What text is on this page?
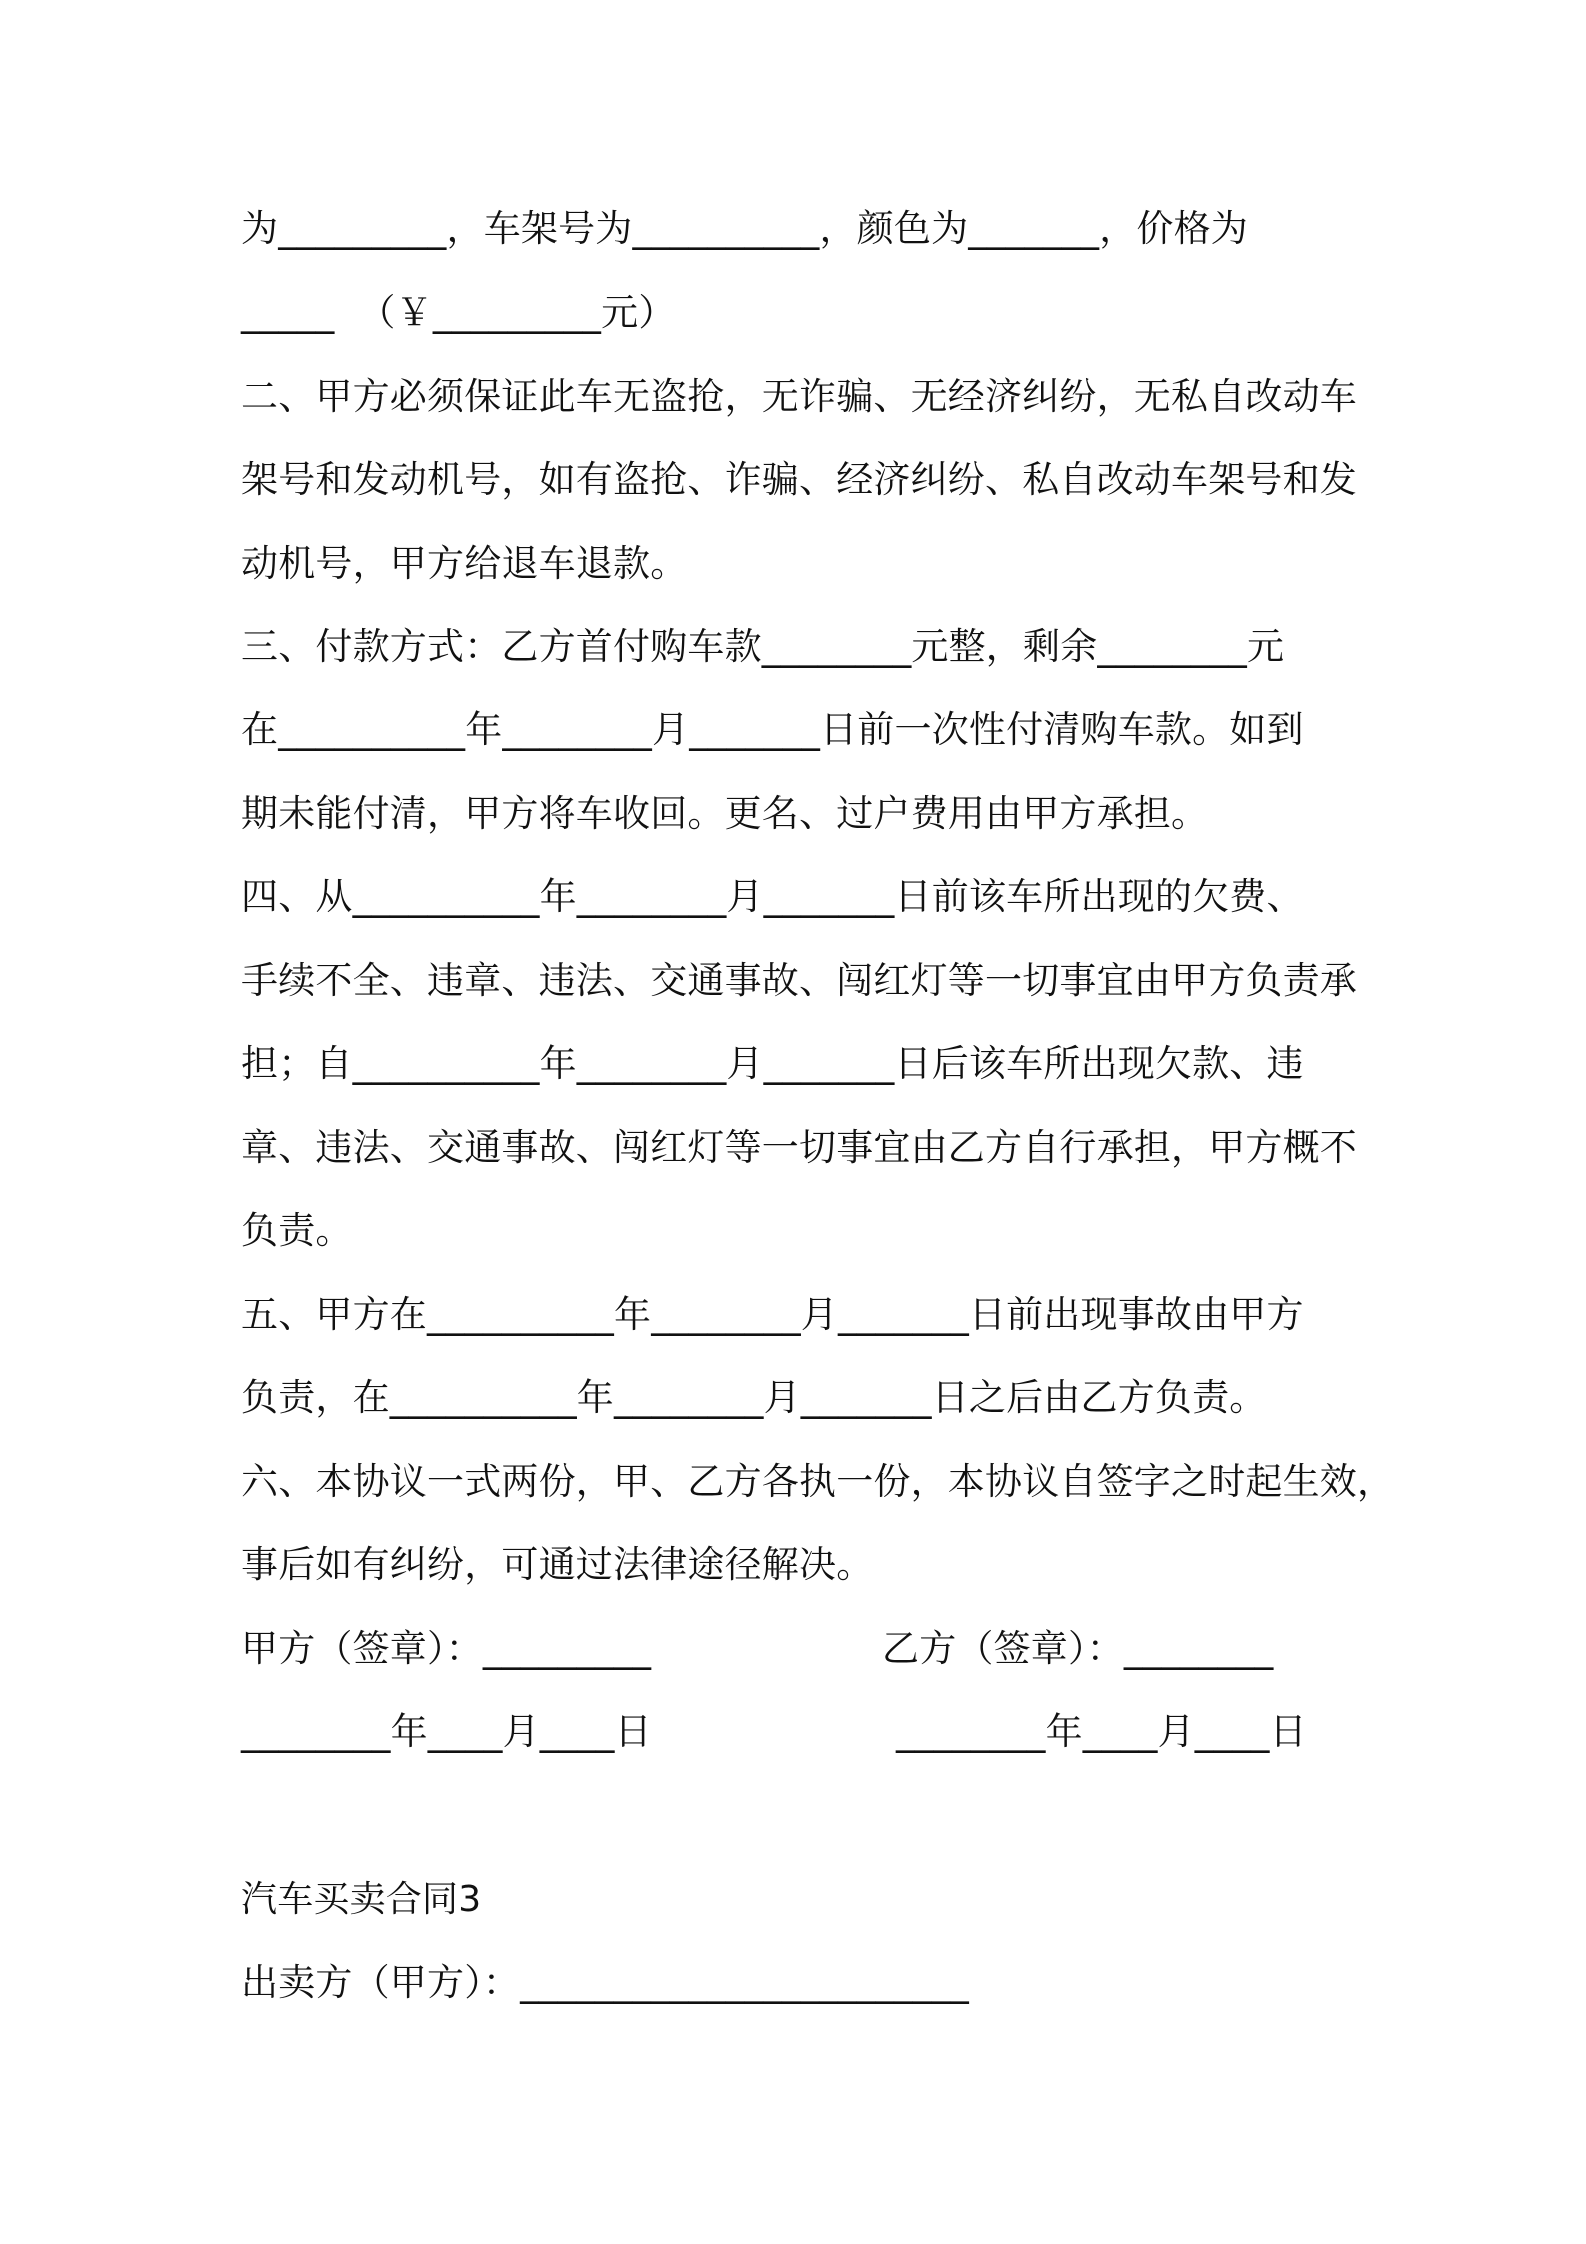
为_________，车架号为__________，颜色为_______，价格为
_____  （￥_________元）
二、甲方必须保证此车无盗抢，无诈骗、无经济纠纷，无私自改动车
架号和发动机号，如有盗抢、诈骗、经济纠纷、私自改动车架号和发
动机号，甲方给退车退款。
三、付款方式：乙方首付购车款________元整，剩余________元
在__________年________月_______日前一次性付清购车款。如到
期未能付清，甲方将车收回。更名、过户费用由甲方承担。
四、从__________年________月_______日前该车所出现的欠费、
手续不全、违章、违法、交通事故、闯红灯等一切事宜由甲方负责承
担；自__________年________月_______日后该车所出现欠款、违
章、违法、交通事故、闯红灯等一切事宜由乙方自行承担，甲方概不
负责。
五、甲方在__________年________月_______日前出现事故由甲方
负责，在__________年________月_______日之后由乙方负责。
六、本协议一式两份，甲、乙方各执一份，本协议自签字之时起生效，
事后如有纠纷，可通过法律途径解决。
甲方（签章）：_________	乙方（签章）：________
________年____月____日	________年____月____日
汽车买卖合同3
出卖方（甲方）：________________________
